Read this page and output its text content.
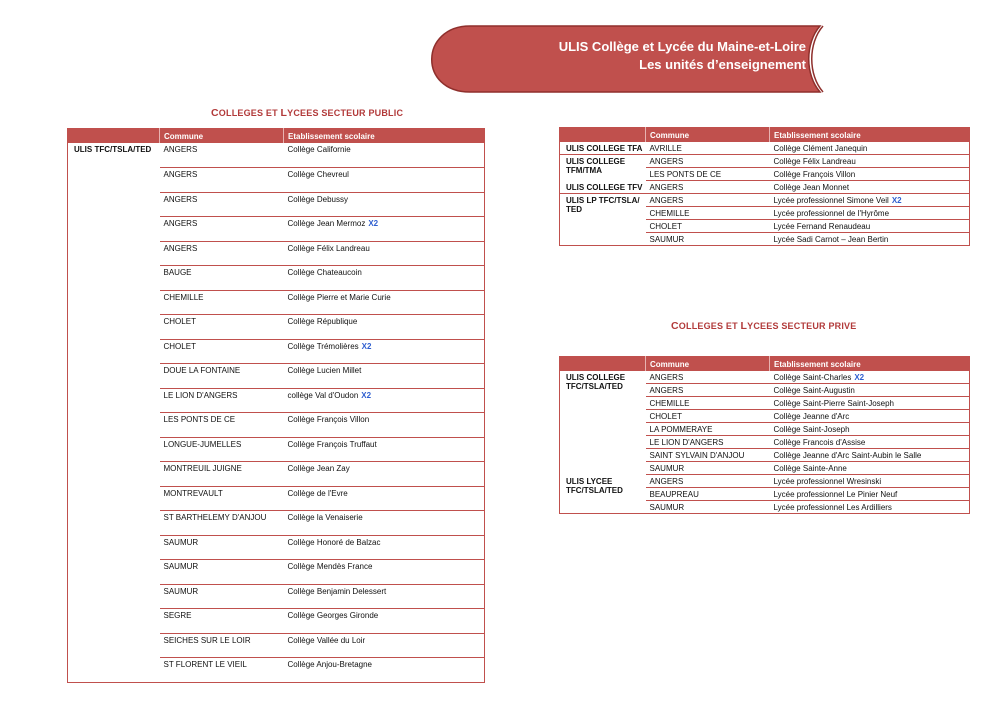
ULIS Collège et Lycée du Maine-et-Loire
Les unités d’enseignement
COLLEGES ET LYCEES SECTEUR PUBLIC
COLLEGES ET LYCEES SECTEUR PRIVE
	Commune	Etablissement scolaire
ULIS TFC/TSLA/TED	ANGERS	Collège Californie
	ANGERS	Collège Chevreul
	ANGERS	Collège Debussy
	ANGERS	Collège Jean Mermoz X2
	ANGERS	Collège Félix Landreau
	BAUGE	Collège Chateaucoin
	CHEMILLE	Collège Pierre et Marie Curie
	CHOLET	Collège République
	CHOLET	Collège Trémolières X2
	DOUE LA FONTAINE	Collège Lucien Millet
	LE LION D'ANGERS	collège Val d'Oudon X2
	LES PONTS DE CE	Collège François Villon
	LONGUE-JUMELLES	Collège François Truffaut
	MONTREUIL JUIGNE	Collège Jean Zay
	MONTREVAULT	Collège de l'Evre
	ST BARTHELEMY D'ANJOU	Collège la Venaiserie
	SAUMUR	Collège Honoré de Balzac
	SAUMUR	Collège Mendès France
	SAUMUR	Collège Benjamin Delessert
	SEGRE	Collège Georges Gironde
	SEICHES SUR LE LOIR	Collège Vallée du Loir
	ST FLORENT LE VIEIL	Collège Anjou-Bretagne
	Commune	Etablissement scolaire
ULIS COLLEGE TFA	AVRILLE	Collège Clément Janequin
ULIS COLLEGE TFM/TMA	ANGERS	Collège Félix Landreau
	LES PONTS DE CE	Collège François Villon
ULIS COLLEGE TFV	ANGERS	Collège Jean Monnet
ULIS LP TFC/TSLA/ TED	ANGERS	Lycée professionnel Simone Veil X2
	CHEMILLE	Lycée professionnel de l'Hyrôme
	CHOLET	Lycée Fernand Renaudeau
	SAUMUR	Lycée Sadi Carnot – Jean Bertin
	Commune	Etablissement scolaire
ULIS COLLEGE TFC/TSLA/TED	ANGERS	Collège Saint-Charles X2
	ANGERS	Collège Saint-Augustin
	CHEMILLE	Collège Saint-Pierre Saint-Joseph
	CHOLET	Collège Jeanne d'Arc
	LA POMMERAYE	Collège Saint-Joseph
	LE LION D'ANGERS	Collège Francois d'Assise
	SAINT SYLVAIN D'ANJOU	Collège Jeanne d'Arc Saint-Aubin le Salle
	SAUMUR	Collège Sainte-Anne
ULIS LYCEE TFC/TSLA/TED	ANGERS	Lycée professionnel Wresinski
	BEAUPREAU	Lycée professionnel Le Pinier Neuf
	SAUMUR	Lycée professionnel Les Ardilliers
